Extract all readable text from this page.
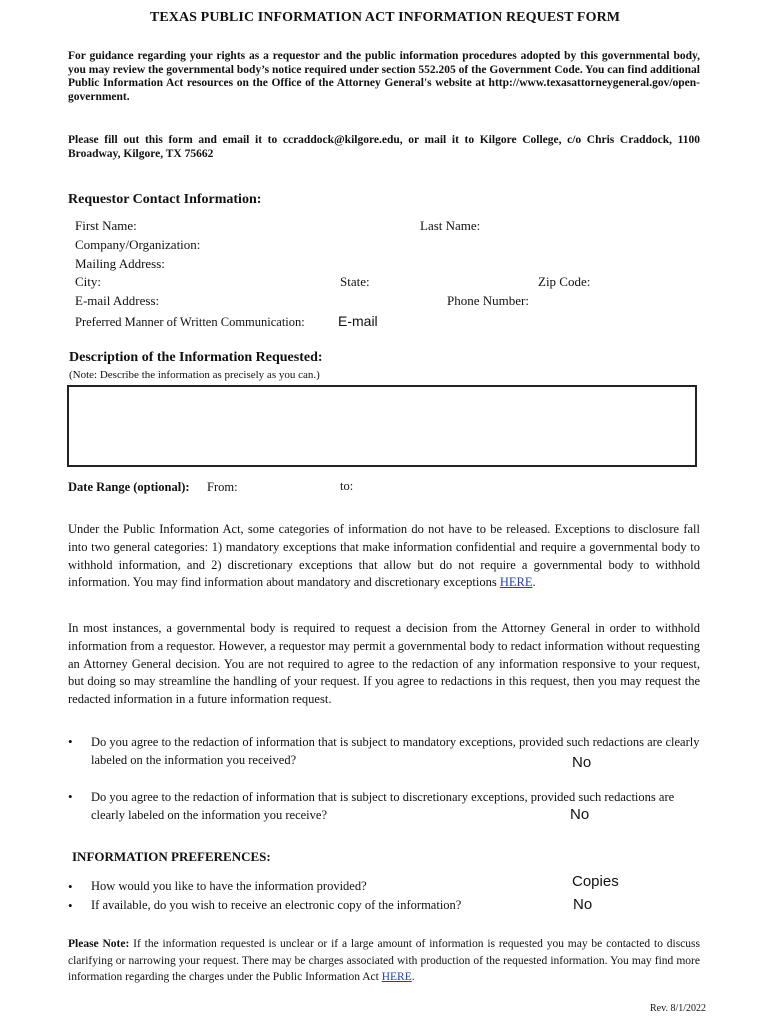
TEXAS PUBLIC INFORMATION ACT INFORMATION REQUEST FORM
For guidance regarding your rights as a requestor and the public information procedures adopted by this governmental body, you may review the governmental body’s notice required under section 552.205 of the Government Code. You can find additional Public Information Act resources on the Office of the Attorney General's website at http://www.texasattorneygeneral.gov/open-government.
Please fill out this form and email it to ccraddock@kilgore.edu, or mail it to Kilgore College, c/o Chris Craddock, 1100 Broadway, Kilgore, TX 75662
Requestor Contact Information:
First Name:	Last Name:
Company/Organization:
Mailing Address:
City:	State:	Zip Code:
E-mail Address:	Phone Number:
Preferred Manner of Written Communication: E-mail
Description of the Information Requested:
(Note: Describe the information as precisely as you can.)
Date Range (optional): From:	to:
Under the Public Information Act, some categories of information do not have to be released. Exceptions to disclosure fall into two general categories: 1) mandatory exceptions that make information confidential and require a governmental body to withhold information, and 2) discretionary exceptions that allow but do not require a governmental body to withhold information. You may find information about mandatory and discretionary exceptions HERE.
In most instances, a governmental body is required to request a decision from the Attorney General in order to withhold information from a requestor. However, a requestor may permit a governmental body to redact information without requesting an Attorney General decision. You are not required to agree to the redaction of any information responsive to your request, but doing so may streamline the handling of your request. If you agree to redactions in this request, then you may request the redacted information in a future information request.
• Do you agree to the redaction of information that is subject to mandatory exceptions, provided such redactions are clearly labeled on the information you received?	No
• Do you agree to the redaction of information that is subject to discretionary exceptions, provided such redactions are clearly labeled on the information you receive?	No
INFORMATION PREFERENCES:
• How would you like to have the information provided?	Copies
• If available, do you wish to receive an electronic copy of the information?	No
Please Note: If the information requested is unclear or if a large amount of information is requested you may be contacted to discuss clarifying or narrowing your request. There may be charges associated with production of the requested information. You may find more information regarding the charges under the Public Information Act HERE.
Rev. 8/1/2022
